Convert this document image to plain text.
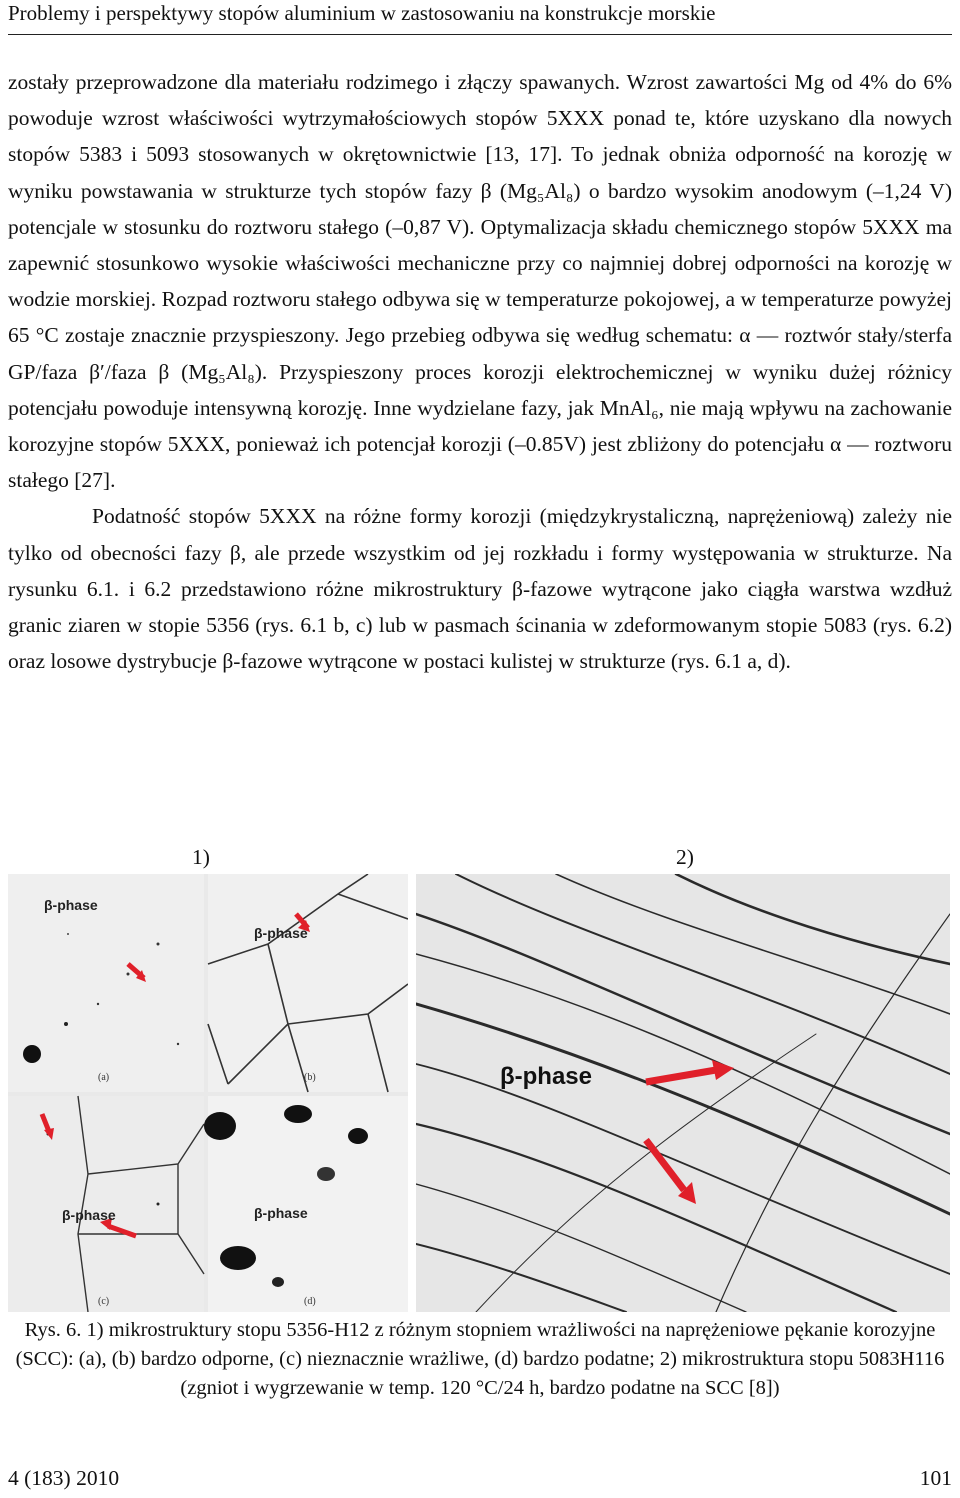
Problemy i perspektywy stopów aluminium w zastosowaniu na konstrukcje morskie

zostały przeprowadzone dla materiału rodzimego i złączy spawanych. Wzrost zawartości Mg od 4% do 6% powoduje wzrost właściwości wytrzymałościowych stopów 5XXX ponad te, które uzyskano dla nowych stopów 5383 i 5093 stosowanych w okrętownictwie [13, 17]. To jednak obniża odporność na korozję w wyniku powstawania w strukturze tych stopów fazy β (Mg₅Al₈) o bardzo wysokim anodowym (–1,24 V) potencjale w stosunku do roztworu stałego (–0,87 V). Optymalizacja składu chemicznego stopów 5XXX ma zapewnić stosunkowo wysokie właściwości mechaniczne przy co najmniej dobrej odporności na korozję w wodzie morskiej. Rozpad roztworu stałego odbywa się w temperaturze pokojowej, a w temperaturze powyżej 65 °C zostaje znacznie przyspieszony. Jego przebieg odbywa się według schematu: α — roztwór stały/sterfa GP/faza β′/faza β (Mg₅Al₈). Przyspieszony proces korozji elektrochemicznej w wyniku dużej różnicy potencjału powoduje intensywną korozję. Inne wydzielane fazy, jak MnAl₆, nie mają wpływu na zachowanie korozyjne stopów 5XXX, ponieważ ich potencjał korozji (–0.85V) jest zbliżony do potencjału α — roztworu stałego [27].

Podatność stopów 5XXX na różne formy korozji (międzykrystaliczną, naprężeniową) zależy nie tylko od obecności fazy β, ale przede wszystkim od jej rozkładu i formy występowania w strukturze. Na rysunku 6.1. i 6.2 przedstawiono różne mikrostruktury β-fazowe wytrącone jako ciągła warstwa wzdłuż granic ziaren w stopie 5356 (rys. 6.1 b, c) lub w pasmach ścinania w zdeformowanym stopie 5083 (rys. 6.2) oraz losowe dystrybucje β-fazowe wytrącone w postaci kulistej w strukturze (rys. 6.1 a, d).

1)	2)
β-phase
(a)
β-phase
(b)
β-phase
(c)
β-phase
(d)
β-phase
Rys. 6. 1) mikrostruktury stopu 5356-H12 z różnym stopniem wrażliwości na naprężeniowe pękanie korozyjne (SCC): (a), (b) bardzo odporne, (c) nieznacznie wrażliwe, (d) bardzo podatne; 2) mikrostruktura stopu 5083H116 (zgniot i wygrzewanie w temp. 120 °C/24 h, bardzo podatne na SCC [8])
4 (183) 2010	101
